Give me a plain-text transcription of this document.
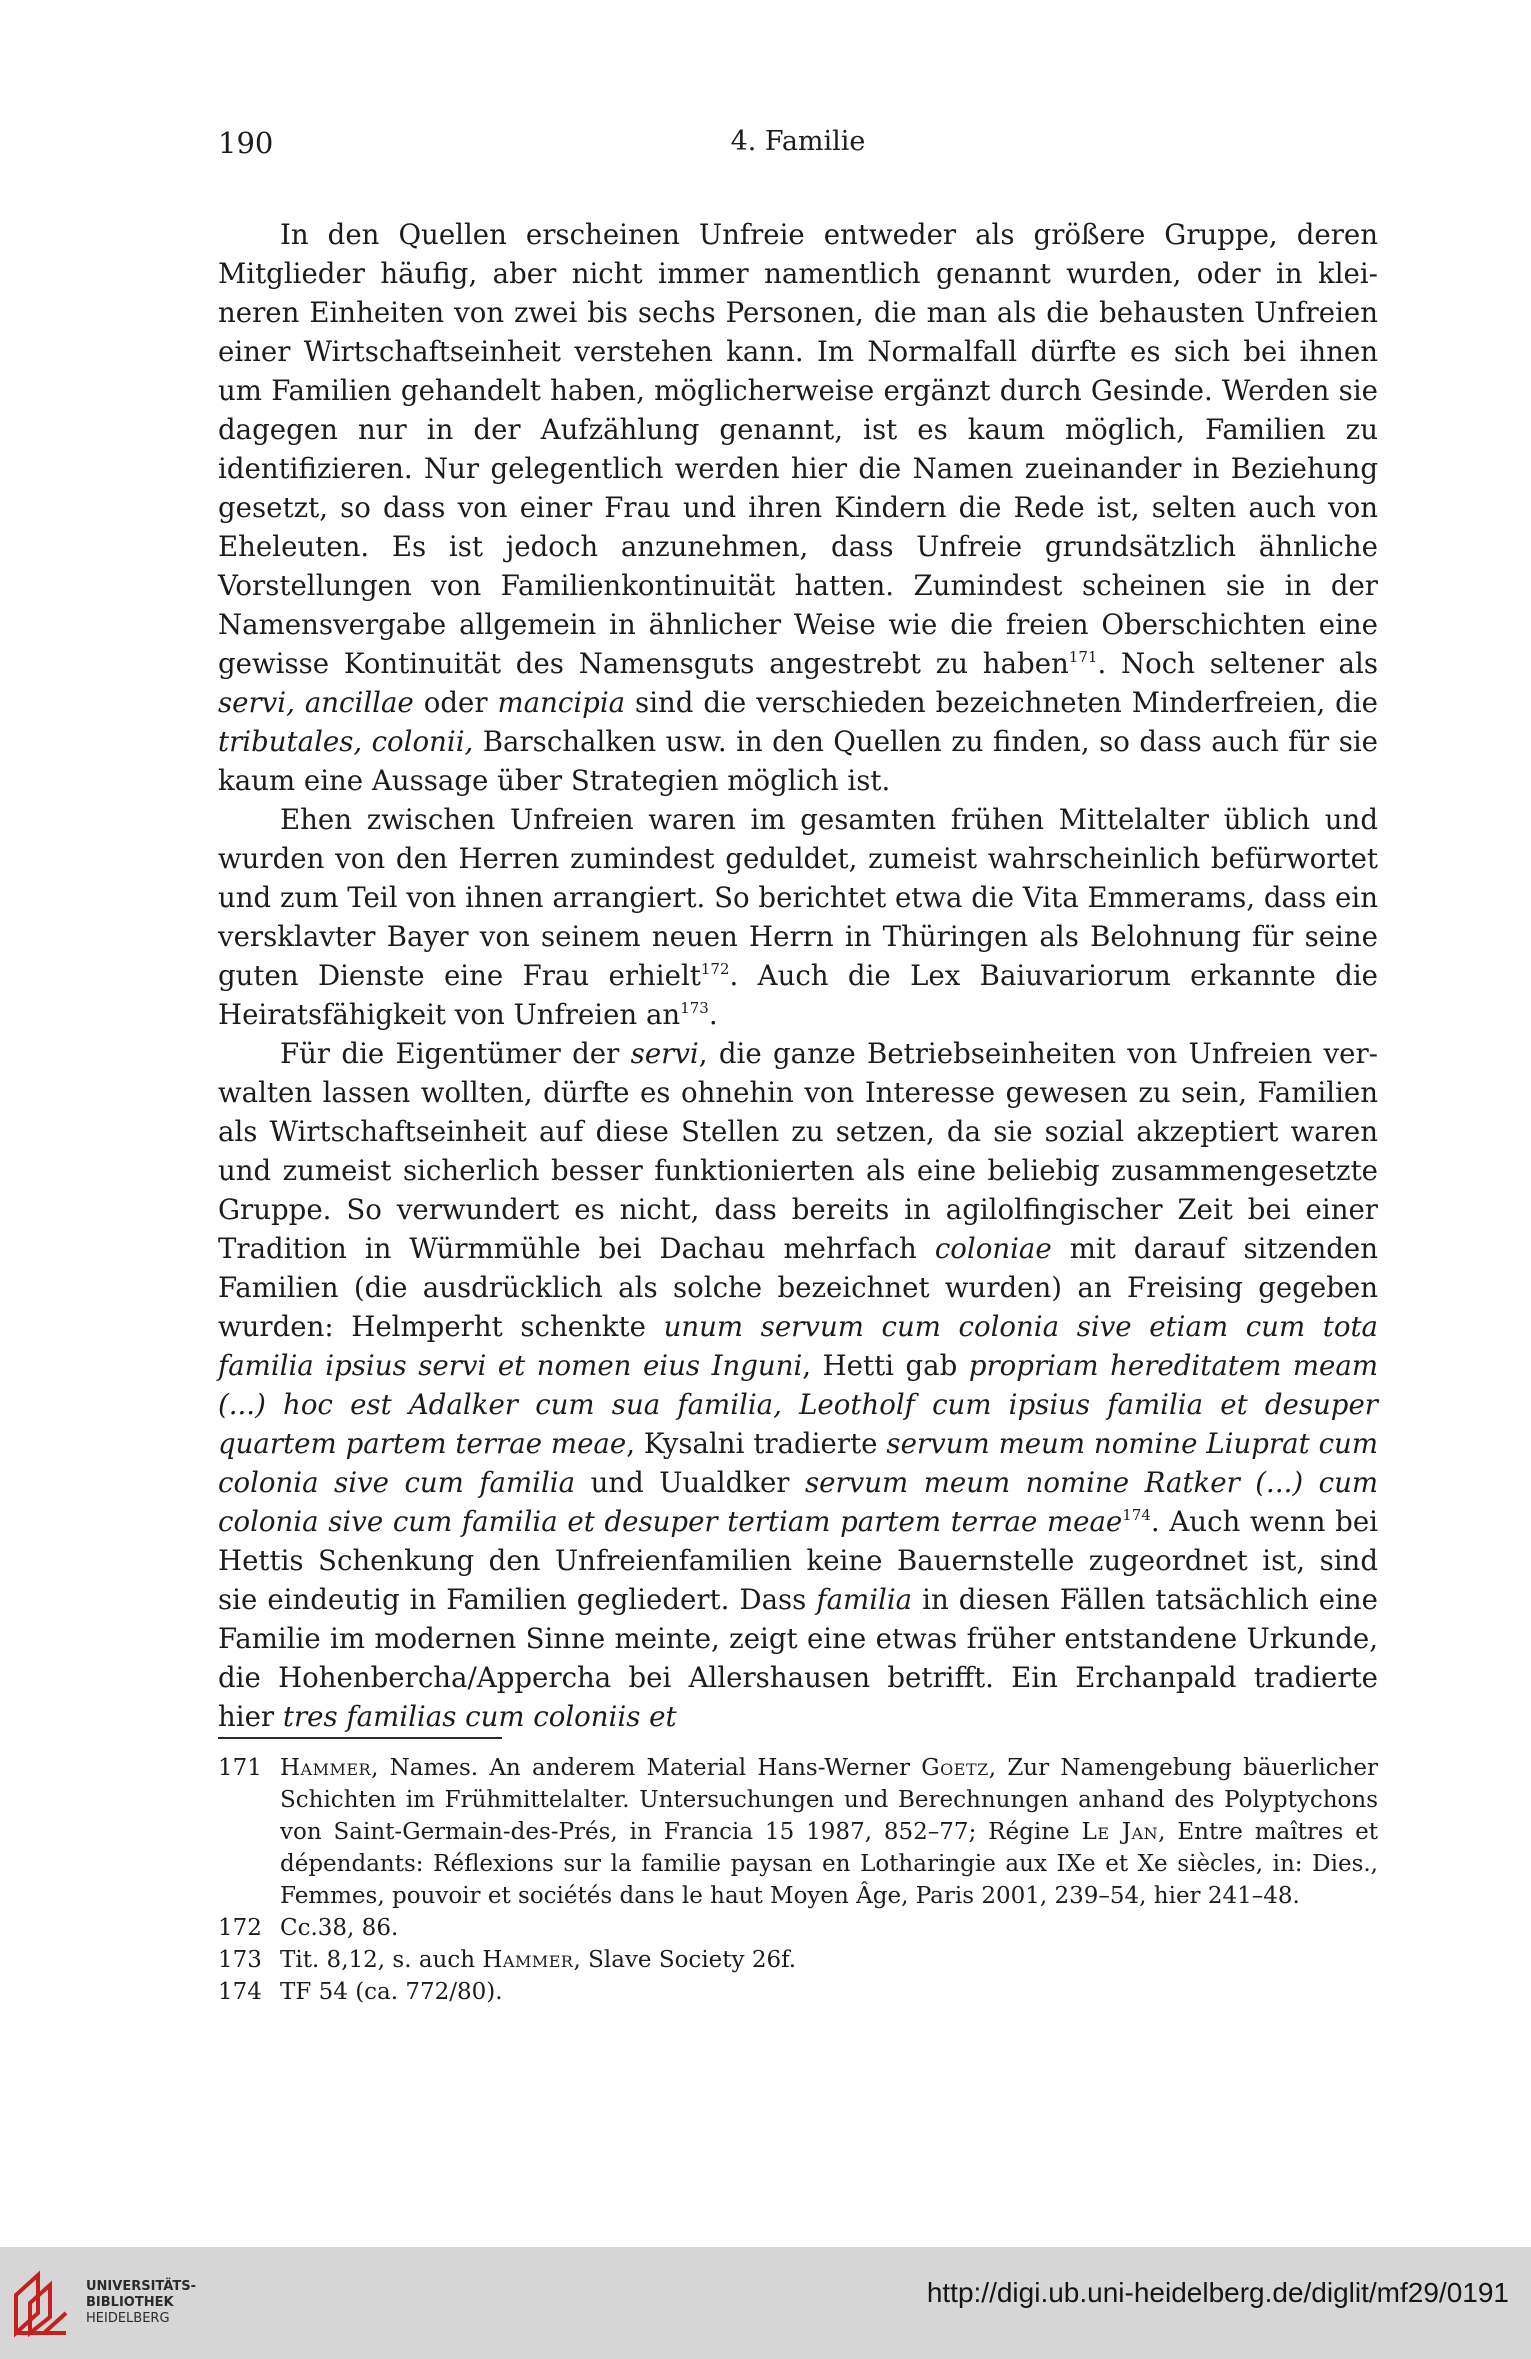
190	4. Familie

In den Quellen erscheinen Unfreie entweder als größere Gruppe, deren Mitglieder häufig, aber nicht immer namentlich genannt wurden, oder in kleineren Einheiten von zwei bis sechs Personen, die man als die behausten Unfreien einer Wirtschaftseinheit verstehen kann. Im Normalfall dürfte es sich bei ihnen um Familien gehandelt haben, möglicherweise ergänzt durch Gesinde. Werden sie dagegen nur in der Aufzählung genannt, ist es kaum möglich, Familien zu identifizieren. Nur gelegentlich werden hier die Namen zueinander in Beziehung gesetzt, so dass von einer Frau und ihren Kindern die Rede ist, selten auch von Eheleuten. Es ist jedoch anzunehmen, dass Unfreie grundsätzlich ähnliche Vorstellungen von Familienkontinuität hatten. Zumindest scheinen sie in der Namensvergabe allgemein in ähnlicher Weise wie die freien Oberschichten eine gewisse Kontinuität des Namensguts angestrebt zu haben$^{171}$. Noch seltener als servi, ancillae oder mancipia sind die verschieden bezeichneten Minderfreien, die tributales, colonii, Barschalken usw. in den Quellen zu finden, so dass auch für sie kaum eine Aussage über Strategien möglich ist.

Ehen zwischen Unfreien waren im gesamten frühen Mittelalter üblich und wurden von den Herren zumindest geduldet, zumeist wahrscheinlich befürwortet und zum Teil von ihnen arrangiert. So berichtet etwa die Vita Emmerams, dass ein versklavter Bayer von seinem neuen Herrn in Thüringen als Belohnung für seine guten Dienste eine Frau erhielt$^{172}$. Auch die Lex Baiuvariorum erkannte die Heiratsfähigkeit von Unfreien $an^{173}$.

Für die Eigentümer der servi, die ganze Betriebseinheiten von Unfreien verwalten lassen wollten, dürfte es ohnehin von Interesse gewesen zu sein, Familien als Wirtschaftseinheit auf diese Stellen zu setzen, da sie sozial akzeptiert waren und zumeist sicherlich besser funktionierten als eine beliebig zusammengesetzte Gruppe. So verwundert es nicht, dass bereits in agilolfingischer Zeit bei einer Tradition in Würmmühle bei Dachau mehrfach coloniae mit darauf sitzenden Familien (die ausdrücklich als solche bezeichnet wurden) an Freising gegeben wurden: Helmperht schenkte unum servum cum colonia sive etiam cum tota familia ipsius servi et nomen eius Inguni, Hetti gab propriam hereditatem meam (...) hoc est Adalker cum sua familia, Leotholf cum ipsius familia et desuper quartem partem terrae meae, Kysalni tradierte servum meum nomine Liuprat cum colonia sive cum familia und Uualdker servum meum nomine Ratker (...) cum colonia sive cum familia et desuper tertiam partem terrae meae$^{174}$. Auch wenn bei Hettis Schenkung den Unfreienfamilien keine Bauernstelle zugeordnet ist, sind sie eindeutig in Familien gegliedert. Dass familia in diesen Fällen tatsächlich eine Familie im modernen Sinne meinte, zeigt eine etwas früher entstandene Urkunde, die Hohenbercha/Appercha bei Allershausen betrifft. Ein Erchanpald tradierte hier tres familias cum coloniis et

171 Hammer, Names. An anderem Material Hans-Werner Goetz, Zur Namengebung bäuerlicher Schichten im Frühmittelalter. Untersuchungen und Berechnungen anhand des Polyptychons von Saint-Germain-des-Prés, in Francia 15 1987, 852–77; Régine Le Jan, Entre maîtres et dépendants: Réflexions sur la familie paysan en Lotharingie aux IXe et Xe siècles, in: Dies., Femmes, pouvoir et sociétés dans le haut Moyen Âge, Paris 2001, 239–54, hier 241–48.
172 Cc.38, 86.
173 Tit. 8,12, s. auch Hammer, Slave Society 26f.
174 TF 54 (ca. 772/80).
UNIVERSITÄTS-
BIBLIOTHEK
HEIDELBERG
http://digi.ub.uni-heidelberg.de/diglit/mf29/0191
